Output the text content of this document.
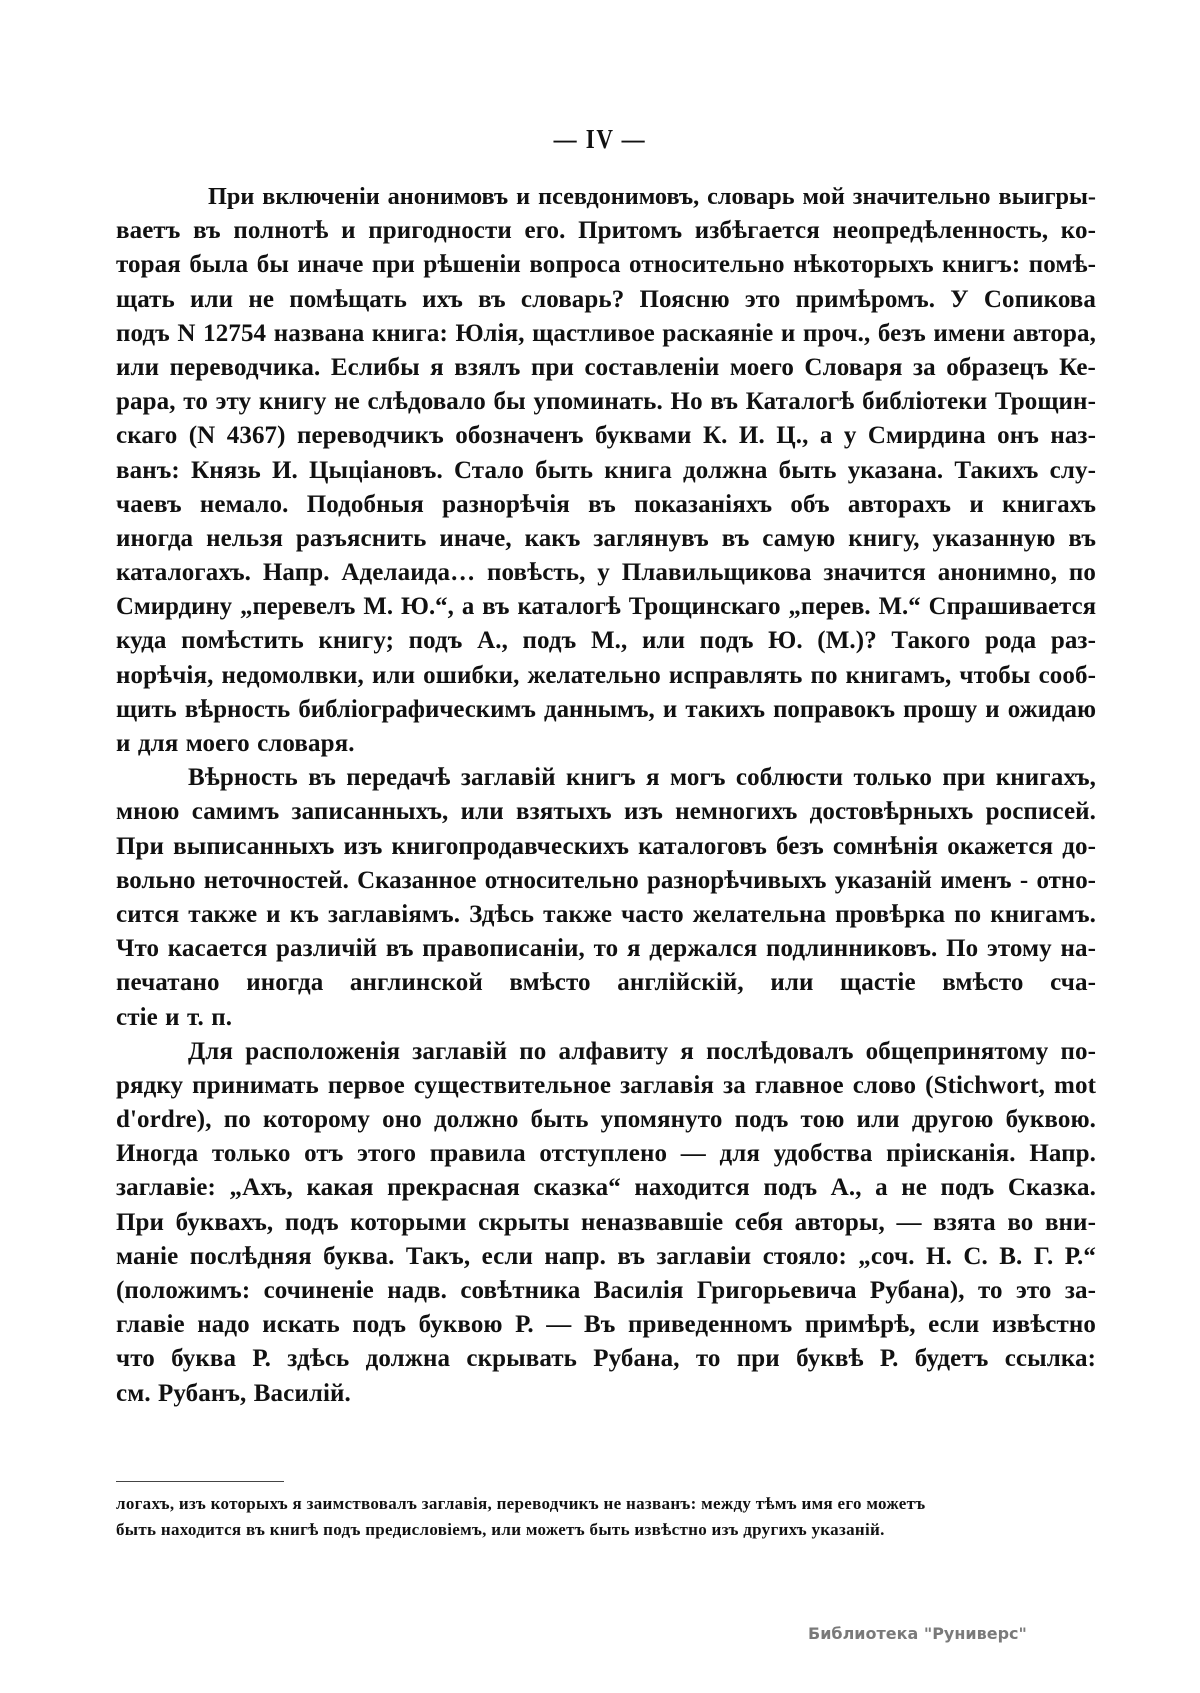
— IV —
При включеніи анонимовъ и псевдонимовъ, словарь мой значительно выигры-
ваетъ въ полнотѣ и пригодности его. Притомъ избѣгается неопредѣленность, ко-
торая была бы иначе при рѣшеніи вопроса относительно нѣкоторыхъ книгъ: помѣ-
щать или не помѣщать ихъ въ словарь? Поясню это примѣромъ. У Сопикова
подъ N 12754 названа книга: Юлія, щастливое раскаяніе и проч., безъ имени автора,
или переводчика. Еслибы я взялъ при составленіи моего Словаря за образецъ Ке-
рара, то эту книгу не слѣдовало бы упоминать. Но въ Каталогѣ библіотеки Трощин-
скаго (N 4367) переводчикъ обозначенъ буквами К. И. Ц., а у Смирдина онъ наз-
ванъ: Князь И. Цыціановъ. Стало быть книга должна быть указана. Такихъ слу-
чаевъ немало. Подобныя разнорѣчія въ показаніяхъ объ авторахъ и книгахъ
иногда нельзя разъяснить иначе, какъ заглянувъ въ самую книгу, указанную въ
каталогахъ. Напр. Аделаида… повѣсть, у Плавильщикова значится анонимно, по
Смирдину „перевелъ М. Ю.“, а въ каталогѣ Трощинскаго „перев. М.“ Спрашивается
куда помѣстить книгу; подъ А., подъ М., или подъ Ю. (М.)? Такого рода раз-
норѣчія, недомолвки, или ошибки, желательно исправлять по книгамъ, чтобы сооб-
щить вѣрность библіографическимъ даннымъ, и такихъ поправокъ прошу и ожидаю
и для моего словаря.
Вѣрность въ передачѣ заглавій книгъ я могъ соблюсти только при книгахъ,
мною самимъ записанныхъ, или взятыхъ изъ немногихъ достовѣрныхъ росписей.
При выписанныхъ изъ книгопродавческихъ каталоговъ безъ сомнѣнія окажется до-
вольно неточностей. Сказанное относительно разнорѣчивыхъ указаній именъ - отно-
сится также и къ заглавіямъ. Здѣсь также часто желательна провѣрка по книгамъ.
Что касается различій въ правописаніи, то я держался подлинниковъ. По этому на-
печатано иногда англинской вмѣсто англійскій, или щастіе вмѣсто сча-
стіе и т. п.
Для расположенія заглавій по алфавиту я послѣдовалъ общепринятому по-
рядку принимать первое существительное заглавія за главное слово (Stichwort, mot
d'ordre), по которому оно должно быть упомянуто подъ тою или другою буквою.
Иногда только отъ этого правила отступлено — для удобства пріисканія. Напр.
заглавіе: „Ахъ, какая прекрасная сказка“ находится подъ А., а не подъ Сказка.
При буквахъ, подъ которыми скрыты неназвавшіе себя авторы, — взята во вни-
маніе послѣдняя буква. Такъ, если напр. въ заглавіи стояло: „соч. Н. С. В. Г. Р.“
(положимъ: сочиненіе надв. совѣтника Василія Григорьевича Рубана), то это за-
главіе надо искать подъ буквою Р. — Въ приведенномъ примѣрѣ, если извѣстно
что буква Р. здѣсь должна скрывать Рубана, то при буквѣ Р. будетъ ссылка:
см. Рубанъ, Василій.
логахъ, изъ которыхъ я заимствовалъ заглавія, переводчикъ не названъ: между тѣмъ имя его можетъ
быть находится въ книгѣ подъ предисловіемъ, или можетъ быть извѣстно изъ другихъ указаній.
Библиотека "Руниверс"
